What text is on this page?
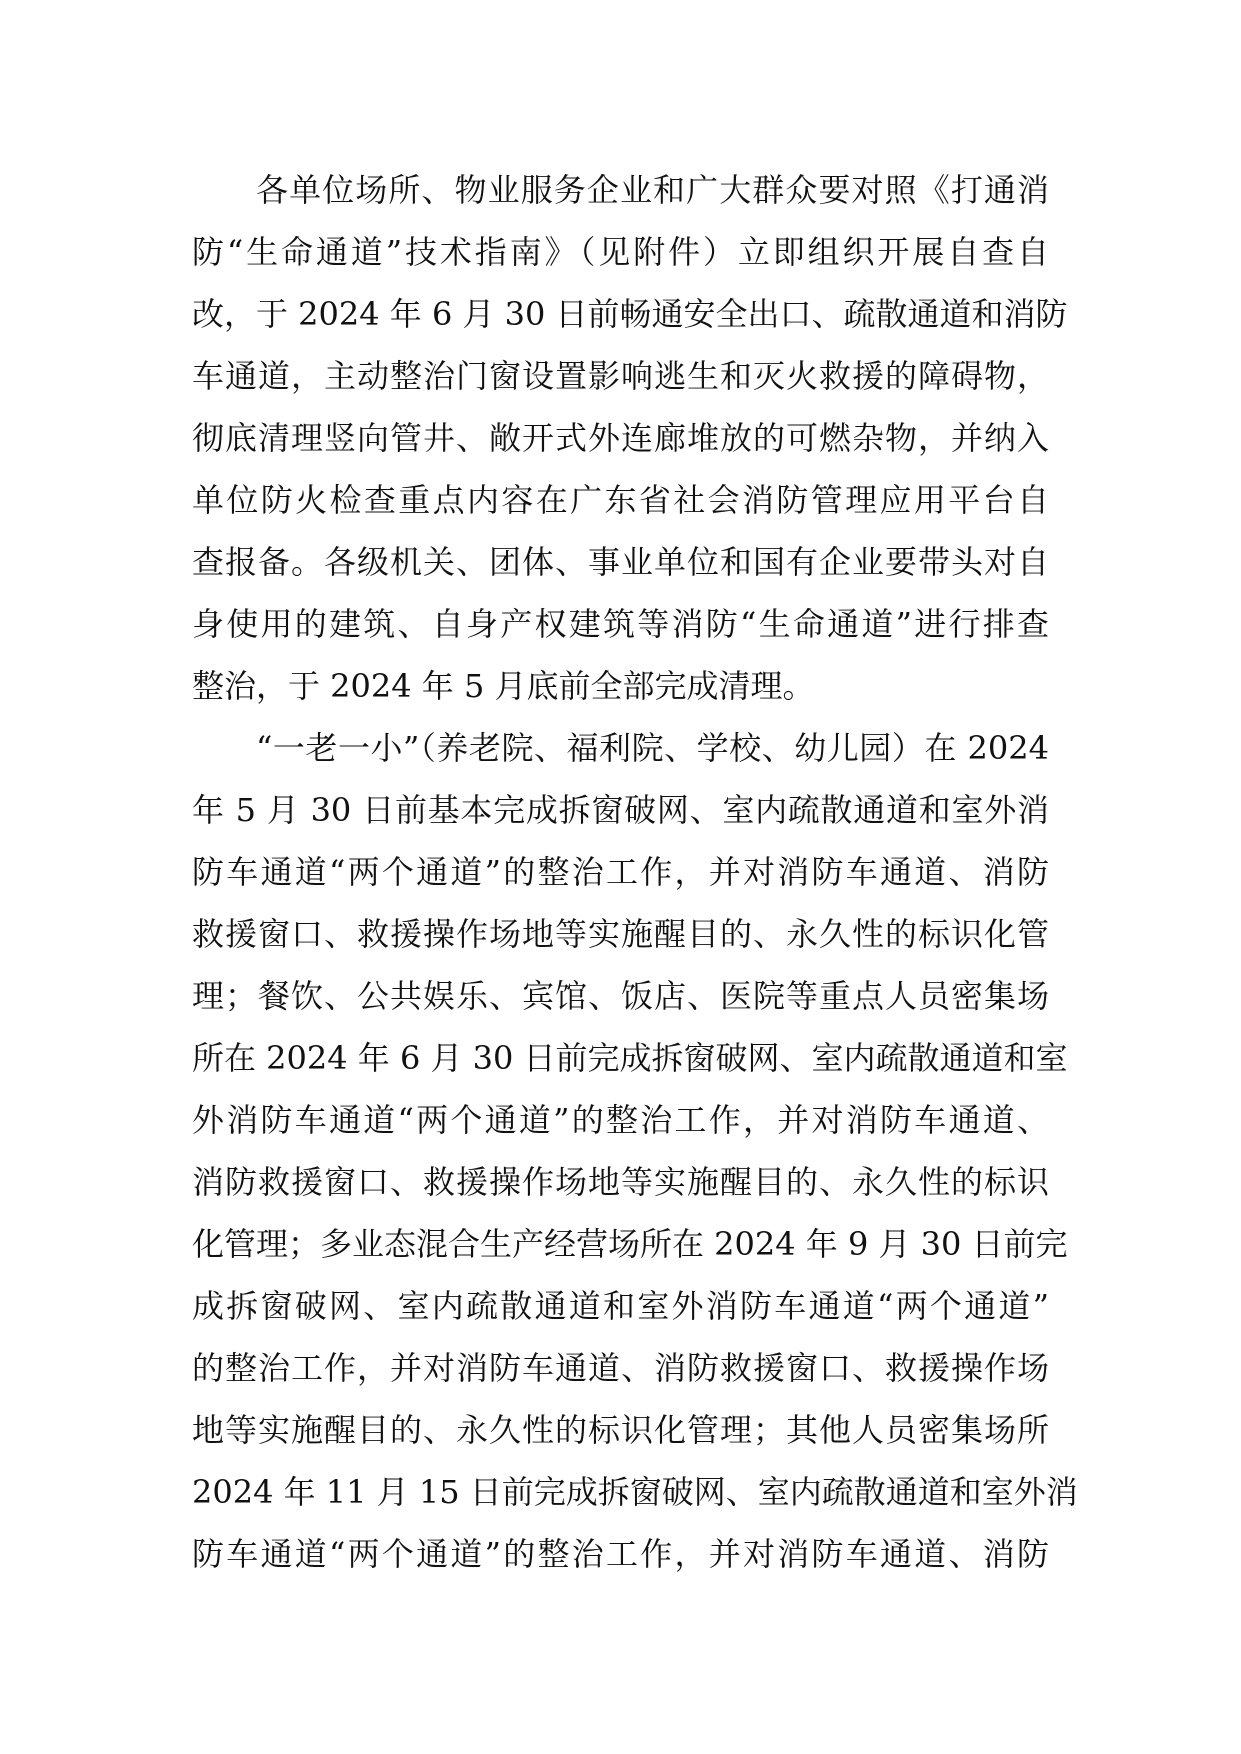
各单位场所、物业服务企业和广大群众要对照《打通消

防“生命通道”技术指南》（见附件）立即组织开展自查自

改，于 2024 年 6 月 30 日前畅通安全出口、疏散通道和消防

车通道，主动整治门窗设置影响逃生和灭火救援的障碍物，

彻底清理竖向管井、敞开式外连廊堆放的可燃杂物，并纳入

单位防火检查重点内容在广东省社会消防管理应用平台自

查报备。各级机关、团体、事业单位和国有企业要带头对自

身使用的建筑、自身产权建筑等消防“生命通道”进行排查

整治，于 2024 年 5 月底前全部完成清理。

“一老一小”（养老院、福利院、学校、幼儿园）在 2024

年 5 月 30 日前基本完成拆窗破网、室内疏散通道和室外消

防车通道“两个通道”的整治工作，并对消防车通道、消防

救援窗口、救援操作场地等实施醒目的、永久性的标识化管

理；餐饮、公共娱乐、宾馆、饭店、医院等重点人员密集场

所在 2024 年 6 月 30 日前完成拆窗破网、室内疏散通道和室

外消防车通道“两个通道”的整治工作，并对消防车通道、

消防救援窗口、救援操作场地等实施醒目的、永久性的标识

化管理；多业态混合生产经营场所在 2024 年 9 月 30 日前完

成拆窗破网、室内疏散通道和室外消防车通道“两个通道”

的整治工作，并对消防车通道、消防救援窗口、救援操作场

地等实施醒目的、永久性的标识化管理；其他人员密集场所

2024 年 11 月 15 日前完成拆窗破网、室内疏散通道和室外消

防车通道“两个通道”的整治工作，并对消防车通道、消防
